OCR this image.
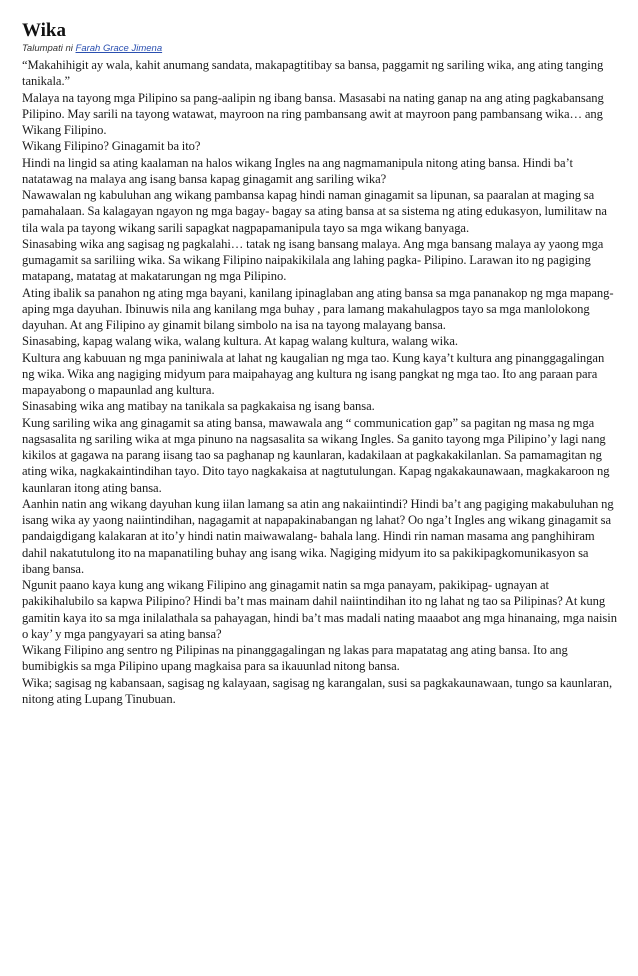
Wika
Talumpati ni Farah Grace Jimena

“Makahihigit ay wala, kahit anumang sandata, makapagtitibay sa bansa, paggamit ng sariling wika, ang ating tanging tanikala.”

Malaya na tayong mga Pilipino sa pang-aalipin ng ibang bansa. Masasabi na nating ganap na ang ating pagkabansang Pilipino. May sarili na tayong watawat, mayroon na ring pambansang awit at mayroon pang pambansang wika… ang Wikang Filipino.

Wikang Filipino? Ginagamit ba ito?

Hindi na lingid sa ating kaalaman na halos wikang Ingles na ang nagmamanipula nitong ating bansa. Hindi ba’t natatawag na malaya ang isang bansa kapag ginagamit ang sariling wika?

Nawawalan ng kabuluhan ang wikang pambansa kapag hindi naman ginagamit sa lipunan, sa paaralan at maging sa pamahalaan. Sa kalagayan ngayon ng mga bagay- bagay sa ating bansa at sa sistema ng ating edukasyon, lumilitaw na tila wala pa tayong wikang sarili sapagkat nagpapamanipula tayo sa mga wikang banyaga.

Sinasabing wika ang sagisag ng pagkalahi… tatak ng isang bansang malaya. Ang mga bansang malaya ay yaong mga gumagamit sa sariliing wika. Sa wikang Filipino naipakikilala ang lahing pagka- Pilipino. Larawan ito ng pagiging matapang, matatag at makatarungan ng mga Pilipino.

Ating ibalik sa panahon ng ating mga bayani, kanilang ipinaglaban ang ating bansa sa mga pananakop ng mga mapang- aping mga dayuhan. Ibinuwis nila ang kanilang mga buhay , para lamang makahulagpos tayo sa mga manlolokong dayuhan. At ang Filipino ay ginamit bilang simbolo na isa na tayong malayang bansa.

Sinasabing, kapag walang wika, walang kultura. At kapag walang kultura, walang wika.

Kultura ang kabuuan ng mga paniniwala at lahat ng kaugalian ng mga tao. Kung kaya’t kultura ang pinanggagalingan ng wika. Wika ang nagiging midyum para maipahayag ang kultura ng isang pangkat ng mga tao. Ito ang paraan para mapayabong o mapaunlad ang kultura.

Sinasabing wika ang matibay na tanikala sa pagkakaisa ng isang bansa.

Kung sariling wika ang ginagamit sa ating bansa, mawawala ang “ communication gap” sa pagitan ng masa ng mga nagsasalita ng sariling wika at mga pinuno na nagsasalita sa wikang Ingles. Sa ganito tayong mga Pilipino’y lagi nang kikilos at gagawa na parang iisang tao sa paghanap ng kaunlaran, kadakilaan at pagkakakilanlan. Sa pamamagitan ng ating wika, nagkakaintindihan tayo. Dito tayo nagkakaisa at nagtutulungan. Kapag ngakakaunawaan, magkakaroon ng kaunlaran itong ating bansa.

Aanhin natin ang wikang dayuhan kung iilan lamang sa atin ang nakaiintindi? Hindi ba’t ang pagiging makabuluhan ng isang wika ay yaong naiintindihan, nagagamit at napapakinabangan ng lahat? Oo nga’t Ingles ang wikang ginagamit sa pandaigdigang kalakaran at ito’y hindi natin maiwawalang- bahala lang. Hindi rin naman masama ang panghihiram dahil nakatutulong ito na mapanatiling buhay ang isang wika. Nagiging midyum ito sa pakikipagkomunikasyon sa ibang bansa.

Ngunit paano kaya kung ang wikang Filipino ang ginagamit natin sa mga panayam, pakikipag- ugnayan at pakikihalubilo sa kapwa Pilipino? Hindi ba’t mas mainam dahil naiintindihan ito ng lahat ng tao sa Pilipinas? At kung gamitin kaya ito sa mga inilalathala sa pahayagan, hindi ba’t mas madali nating maaabot ang mga hinanaing, mga naisin o kay’ y mga pangyayari sa ating bansa?

Wikang Filipino ang sentro ng Pilipinas na pinanggagalingan ng lakas para mapatatag ang ating bansa. Ito ang bumibigkis sa mga Pilipino upang magkaisa para sa ikauunlad nitong bansa.

Wika; sagisag ng kabansaan, sagisag ng kalayaan, sagisag ng karangalan, susi sa pagkakaunawaan, tungo sa kaunlaran, nitong ating Lupang Tinubuan.
